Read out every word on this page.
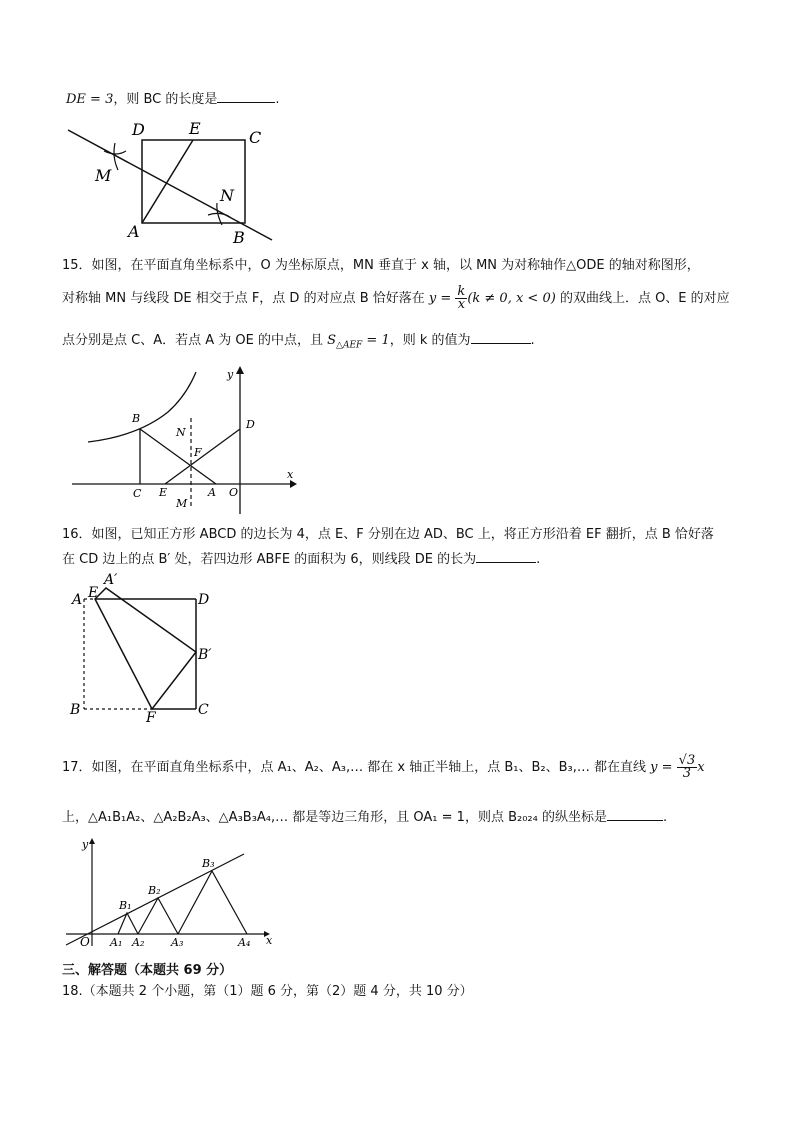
DE = 3，则 BC 的长度是	.
D	E	C
M
N
A	B
15．如图，在平面直角坐标系中，O 为坐标原点，MN 垂直于 x 轴，以 MN 为对称轴作△ODE 的轴对称图形，
对称轴 MN 与线段 DE 相交于点 F，点 D 的对应点 B 恰好落在 $y = \frac{k}{x} (k \ne 0$, x < 0) 的双曲线上．点 O、E 的对应
点分别是点 C、A．若点 A 为 OE 的中点，且 $S_{\triangle AEF} = 1$，则 k 的值为	.
B
N
D
F
C E	A O
M
y
x
16．如图，已知正方形 ABCD 的边长为 4，点 E、F 分别在边 AD、BC 上，将正方形沿着 EF 翻折，点 B 恰好落
在 CD 边上的点 B′ 处，若四边形 ABFE 的面积为 6，则线段 DE 的长为	.
A E
A′
D
B′
B	F	C
17．如图，在平面直角坐标系中，点 A₁、A₂、A₃,… 都在 x 轴正半轴上，点 B₁、B₂、B₃,… 都在直线 $y = \frac{√3}{3}$ x
上，△A₁B₁A₂、△A₂B₂A₃、△A₃B₃A₄,… 都是等边三角形，且 OA₁ = 1，则点 B₂₀₂₄ 的纵坐标是	.
O A₁ A₂ A₃	A₄
B₁
B₂
B₃
y
x
三、解答题（本题共 69 分）
18.（本题共 2 个小题，第（1）题 6 分，第（2）题 4 分，共 10 分）
